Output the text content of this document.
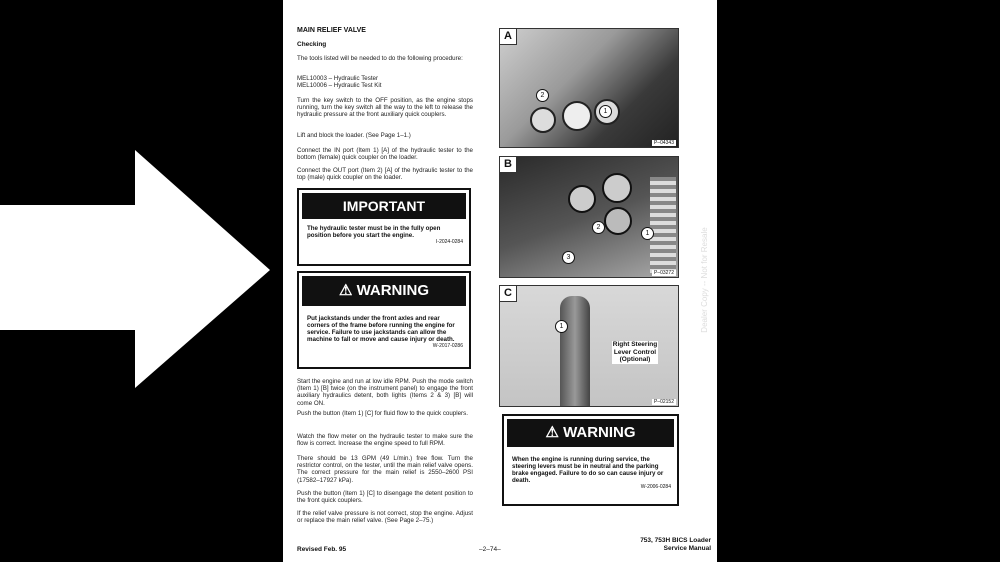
MAIN RELIEF VALVE
Checking

The tools listed will be needed to do the following procedure:

MEL10003 – Hydraulic Tester

MEL10006 – Hydraulic Test Kit

Turn the key switch to the OFF position, as the engine stops running, turn the key switch all the way to the left to release the hydraulic pressure at the front auxiliary quick couplers.

Lift and block the loader. (See Page 1–1.)

Connect the IN port (Item 1) [A] of the hydraulic tester to the bottom (female) quick coupler on the loader.

Connect the OUT port (Item 2) [A] of the hydraulic tester to the top (male) quick coupler on the loader.

IMPORTANT
The hydraulic tester must be in the fully open position before you start the engine.
I-2024-0284
⚠ WARNING
Put jackstands under the front axles and rear corners of the frame before running the engine for service. Failure to use jackstands can allow the machine to fall or move and cause injury or death.
W-2017-0286

Start the engine and run at low idle RPM. Push the mode switch (Item 1) [B] twice (on the instrument panel) to engage the front auxiliary hydraulics detent, both lights (Items 2 & 3) [B] will come ON.

Push the button (Item 1) [C] for fluid flow to the quick couplers.

Watch the flow meter on the hydraulic tester to make sure the flow is correct. Increase the engine speed to full RPM.

There should be 13 GPM (49 L/min.) free flow. Turn the restrictor control, on the tester, until the main relief valve opens. The correct pressure for the main relief is 2550–2600 PSI (17582–17927 kPa).

Push the button (Item 1) [C] to disengage the detent position to the front quick couplers.

If the relief valve pressure is not correct, stop the engine. Adjust or replace the main relief valve. (See Page 2–75.)

A
2
1
P–04343
B
2
1
3
P–03272
C
1
Right Steering Lever Control (Optional)
P–02152
⚠ WARNING
When the engine is running during service, the steering levers must be in neutral and the parking brake engaged. Failure to do so can cause injury or death.
W-2006-0284
Revised Feb. 95	–2–74–
753, 753H BICS Loader
Service Manual
Dealer Copy -- Not for Resale
